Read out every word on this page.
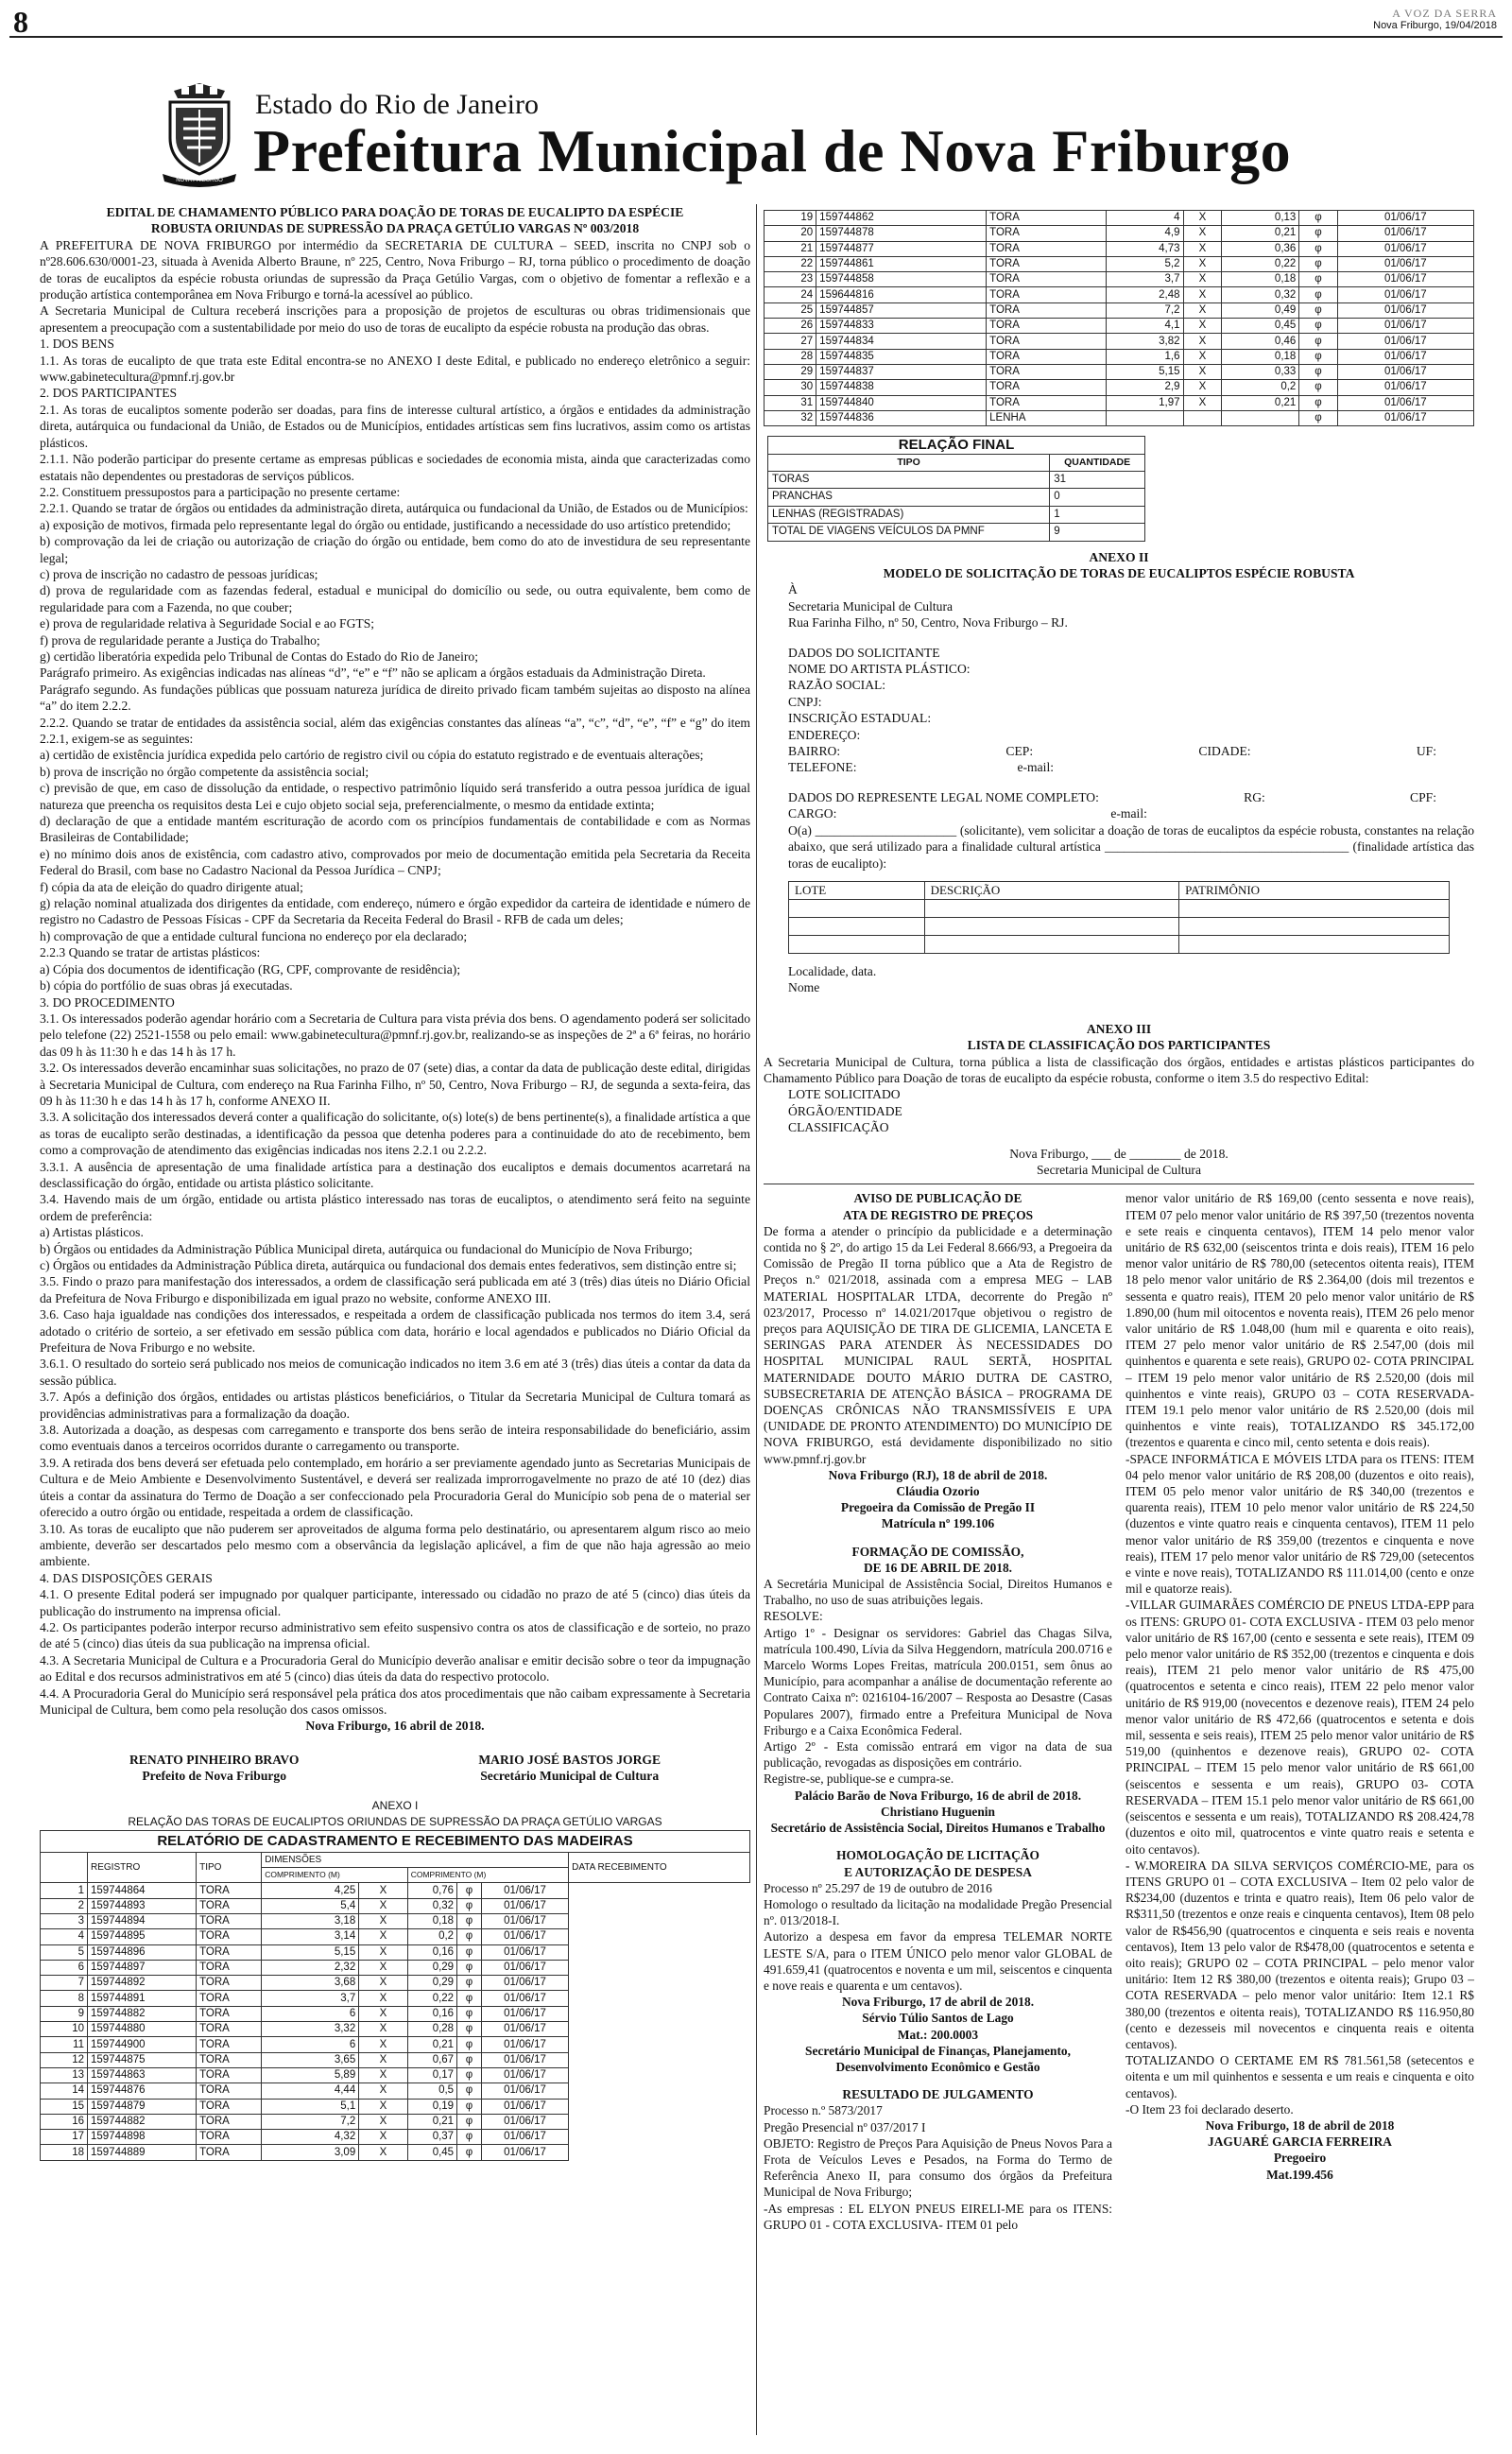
8	A VOZ DA SERRA
Nova Friburgo, 19/04/2018
NOVA FRIBURGO
Estado do Rio de Janeiro
Prefeitura Municipal de Nova Friburgo

EDITAL DE CHAMAMENTO PÚBLICO PARA DOAÇÃO DE TORAS DE EUCALIPTO DA ESPÉCIE

ROBUSTA ORIUNDAS DE SUPRESSÃO DA PRAÇA GETÚLIO VARGAS Nº 003/2018

A PREFEITURA DE NOVA FRIBURGO por intermédio da SECRETARIA DE CULTURA – SEED, inscrita no CNPJ sob o nº28.606.630/0001-23, situada à Avenida Alberto Braune, nº 225, Centro, Nova Friburgo – RJ, torna público o procedimento de doação de toras de eucaliptos da espécie robusta oriundas de supressão da Praça Getúlio Vargas, com o objetivo de fomentar a reflexão e a produção artística contemporânea em Nova Friburgo e torná-la acessível ao público.

A Secretaria Municipal de Cultura receberá inscrições para a proposição de projetos de esculturas ou obras tridimensionais que apresentem a preocupação com a sustentabilidade por meio do uso de toras de eucalipto da espécie robusta na produção das obras.

1. DOS BENS

1.1. As toras de eucalipto de que trata este Edital encontra-se no ANEXO I deste Edital, e publicado no endereço eletrônico a seguir: www.gabinetecultura@pmnf.rj.gov.br

2. DOS PARTICIPANTES

2.1. As toras de eucaliptos somente poderão ser doadas, para fins de interesse cultural artístico, a órgãos e entidades da administração direta, autárquica ou fundacional da União, de Estados ou de Municípios, entidades artísticas sem fins lucrativos, assim como os artistas plásticos.

2.1.1. Não poderão participar do presente certame as empresas públicas e sociedades de economia mista, ainda que caracterizadas como estatais não dependentes ou prestadoras de serviços públicos.

2.2. Constituem pressupostos para a participação no presente certame:

2.2.1. Quando se tratar de órgãos ou entidades da administração direta, autárquica ou fundacional da União, de Estados ou de Municípios:

a) exposição de motivos, firmada pelo representante legal do órgão ou entidade, justificando a necessidade do uso artístico pretendido;

b) comprovação da lei de criação ou autorização de criação do órgão ou entidade, bem como do ato de investidura de seu representante legal;

c) prova de inscrição no cadastro de pessoas jurídicas;

d) prova de regularidade com as fazendas federal, estadual e municipal do domicílio ou sede, ou outra equivalente, bem como de regularidade para com a Fazenda, no que couber;

e) prova de regularidade relativa à Seguridade Social e ao FGTS;

f) prova de regularidade perante a Justiça do Trabalho;

g) certidão liberatória expedida pelo Tribunal de Contas do Estado do Rio de Janeiro;

Parágrafo primeiro. As exigências indicadas nas alíneas “d”, “e” e “f” não se aplicam a órgãos estaduais da Administração Direta.

Parágrafo segundo. As fundações públicas que possuam natureza jurídica de direito privado ficam também sujeitas ao disposto na alínea “a” do item 2.2.2.

2.2.2. Quando se tratar de entidades da assistência social, além das exigências constantes das alíneas “a”, “c”, “d”, “e”, “f” e “g” do item 2.2.1, exigem-se as seguintes:

a) certidão de existência jurídica expedida pelo cartório de registro civil ou cópia do estatuto registrado e de eventuais alterações;

b) prova de inscrição no órgão competente da assistência social;

c) previsão de que, em caso de dissolução da entidade, o respectivo patrimônio líquido será transferido a outra pessoa jurídica de igual natureza que preencha os requisitos desta Lei e cujo objeto social seja, preferencialmente, o mesmo da entidade extinta;

d) declaração de que a entidade mantém escrituração de acordo com os princípios fundamentais de contabilidade e com as Normas Brasileiras de Contabilidade;

e) no mínimo dois anos de existência, com cadastro ativo, comprovados por meio de documentação emitida pela Secretaria da Receita Federal do Brasil, com base no Cadastro Nacional da Pessoa Jurídica – CNPJ;

f) cópia da ata de eleição do quadro dirigente atual;

g) relação nominal atualizada dos dirigentes da entidade, com endereço, número e órgão expedidor da carteira de identidade e número de registro no Cadastro de Pessoas Físicas - CPF da Secretaria da Receita Federal do Brasil - RFB de cada um deles;

h) comprovação de que a entidade cultural funciona no endereço por ela declarado;

2.2.3 Quando se tratar de artistas plásticos:

a) Cópia dos documentos de identificação (RG, CPF, comprovante de residência);

b) cópia do portfólio de suas obras já executadas.

3. DO PROCEDIMENTO

3.1. Os interessados poderão agendar horário com a Secretaria de Cultura para vista prévia dos bens. O agendamento poderá ser solicitado pelo telefone (22) 2521-1558 ou pelo email: www.gabinetecultura@pmnf.rj.gov.br, realizando-se as inspeções de 2ª a 6ª feiras, no horário das 09 h às 11:30 h e das 14 h às 17 h.

3.2. Os interessados deverão encaminhar suas solicitações, no prazo de 07 (sete) dias, a contar da data de publicação deste edital, dirigidas à Secretaria Municipal de Cultura, com endereço na Rua Farinha Filho, nº 50, Centro, Nova Friburgo – RJ, de segunda a sexta-feira, das 09 h às 11:30 h e das 14 h às 17 h, conforme ANEXO II.

3.3. A solicitação dos interessados deverá conter a qualificação do solicitante, o(s) lote(s) de bens pertinente(s), a finalidade artística a que as toras de eucalipto serão destinadas, a identificação da pessoa que detenha poderes para a continuidade do ato de recebimento, bem como a comprovação de atendimento das exigências indicadas nos itens 2.2.1 ou 2.2.2.

3.3.1. A ausência de apresentação de uma finalidade artística para a destinação dos eucaliptos e demais documentos acarretará na desclassificação do órgão, entidade ou artista plástico solicitante.

3.4. Havendo mais de um órgão, entidade ou artista plástico interessado nas toras de eucaliptos, o atendimento será feito na seguinte ordem de preferência:

a) Artistas plásticos.

b) Órgãos ou entidades da Administração Pública Municipal direta, autárquica ou fundacional do Município de Nova Friburgo;

c) Órgãos ou entidades da Administração Pública direta, autárquica ou fundacional dos demais entes federativos, sem distinção entre si;

3.5. Findo o prazo para manifestação dos interessados, a ordem de classificação será publicada em até 3 (três) dias úteis no Diário Oficial da Prefeitura de Nova Friburgo e disponibilizada em igual prazo no website, conforme ANEXO III.

3.6. Caso haja igualdade nas condições dos interessados, e respeitada a ordem de classificação publicada nos termos do item 3.4, será adotado o critério de sorteio, a ser efetivado em sessão pública com data, horário e local agendados e publicados no Diário Oficial da Prefeitura de Nova Friburgo e no website.

3.6.1. O resultado do sorteio será publicado nos meios de comunicação indicados no item 3.6 em até 3 (três) dias úteis a contar da data da sessão pública.

3.7. Após a definição dos órgãos, entidades ou artistas plásticos beneficiários, o Titular da Secretaria Municipal de Cultura tomará as providências administrativas para a formalização da doação.

3.8. Autorizada a doação, as despesas com carregamento e transporte dos bens serão de inteira responsabilidade do beneficiário, assim como eventuais danos a terceiros ocorridos durante o carregamento ou transporte.

3.9. A retirada dos bens deverá ser efetuada pelo contemplado, em horário a ser previamente agendado junto as Secretarias Municipais de Cultura e de Meio Ambiente e Desenvolvimento Sustentável, e deverá ser realizada improrrogavelmente no prazo de até 10 (dez) dias úteis a contar da assinatura do Termo de Doação a ser confeccionado pela Procuradoria Geral do Município sob pena de o material ser oferecido a outro órgão ou entidade, respeitada a ordem de classificação.

3.10. As toras de eucalipto que não puderem ser aproveitados de alguma forma pelo destinatário, ou apresentarem algum risco ao meio ambiente, deverão ser descartados pelo mesmo com a observância da legislação aplicável, a fim de que não haja agressão ao meio ambiente.

4. DAS DISPOSIÇÕES GERAIS

4.1. O presente Edital poderá ser impugnado por qualquer participante, interessado ou cidadão no prazo de até 5 (cinco) dias úteis da publicação do instrumento na imprensa oficial.

4.2. Os participantes poderão interpor recurso administrativo sem efeito suspensivo contra os atos de classificação e de sorteio, no prazo de até 5 (cinco) dias úteis da sua publicação na imprensa oficial.

4.3. A Secretaria Municipal de Cultura e a Procuradoria Geral do Município deverão analisar e emitir decisão sobre o teor da impugnação ao Edital e dos recursos administrativos em até 5 (cinco) dias úteis da data do respectivo protocolo.

4.4. A Procuradoria Geral do Município será responsável pela prática dos atos procedimentais que não caibam expressamente à Secretaria Municipal de Cultura, bem como pela resolução dos casos omissos.

Nova Friburgo, 16 abril de 2018.

RENATO PINHEIRO BRAVO
Prefeito de Nova Friburgo
MARIO JOSÉ BASTOS JORGE
Secretário Municipal de Cultura

ANEXO I

RELAÇÃO DAS TORAS DE EUCALIPTOS ORIUNDAS DE SUPRESSÃO DA PRAÇA GETÚLIO VARGAS

RELATÓRIO DE CADASTRAMENTO E RECEBIMENTO DAS MADEIRAS
	REGISTRO	TIPO	DIMENSÕES					DATA RECEBIMENTO
			COMPRIMENTO (M)		COMPRIMENTO (M)			
1	159744864	TORA	4,25	X	0,76	φ	01/06/17	
2	159744893	TORA	5,4	X	0,32	φ	01/06/17	
3	159744894	TORA	3,18	X	0,18	φ	01/06/17	
4	159744895	TORA	3,14	X	0,2	φ	01/06/17	
5	159744896	TORA	5,15	X	0,16	φ	01/06/17	
6	159744897	TORA	2,32	X	0,29	φ	01/06/17	
7	159744892	TORA	3,68	X	0,29	φ	01/06/17	
8	159744891	TORA	3,7	X	0,22	φ	01/06/17	
9	159744882	TORA	6	X	0,16	φ	01/06/17	
10	159744880	TORA	3,32	X	0,28	φ	01/06/17	
11	159744900	TORA	6	X	0,21	φ	01/06/17	
12	159744875	TORA	3,65	X	0,67	φ	01/06/17	
13	159744863	TORA	5,89	X	0,17	φ	01/06/17	
14	159744876	TORA	4,44	X	0,5	φ	01/06/17	
15	159744879	TORA	5,1	X	0,19	φ	01/06/17	
16	159744882	TORA	7,2	X	0,21	φ	01/06/17	
17	159744898	TORA	4,32	X	0,37	φ	01/06/17	
18	159744889	TORA	3,09	X	0,45	φ	01/06/17	
19	159744862	TORA	4	X	0,13	φ	01/06/17
20	159744878	TORA	4,9	X	0,21	φ	01/06/17
21	159744877	TORA	4,73	X	0,36	φ	01/06/17
22	159744861	TORA	5,2	X	0,22	φ	01/06/17
23	159744858	TORA	3,7	X	0,18	φ	01/06/17
24	159644816	TORA	2,48	X	0,32	φ	01/06/17
25	159744857	TORA	7,2	X	0,49	φ	01/06/17
26	159744833	TORA	4,1	X	0,45	φ	01/06/17
27	159744834	TORA	3,82	X	0,46	φ	01/06/17
28	159744835	TORA	1,6	X	0,18	φ	01/06/17
29	159744837	TORA	5,15	X	0,33	φ	01/06/17
30	159744838	TORA	2,9	X	0,2	φ	01/06/17
31	159744840	TORA	1,97	X	0,21	φ	01/06/17
32	159744836	LENHA				φ	01/06/17
RELAÇÃO FINAL	
TIPO	QUANTIDADE
TORAS	31
PRANCHAS	0
LENHAS (REGISTRADAS)	1
TOTAL DE VIAGENS VEÍCULOS DA PMNF	9

ANEXO II

MODELO DE SOLICITAÇÃO DE TORAS DE EUCALIPTOS ESPÉCIE ROBUSTA

À

Secretaria Municipal de Cultura

Rua Farinha Filho, nº 50, Centro, Nova Friburgo – RJ.

DADOS DO SOLICITANTE

NOME DO ARTISTA PLÁSTICO:

RAZÃO SOCIAL:

CNPJ:

INSCRIÇÃO ESTADUAL:

ENDEREÇO:

BAIRRO:	CEP:	CIDADE:	UF:
TELEFONE:	e-mail:
DADOS DO REPRESENTE LEGAL NOME COMPLETO:	RG:	CPF:
CARGO:	e-mail:

O(a) ______________________ (solicitante), vem solicitar a doação de toras de eucaliptos da espécie robusta, constantes na relação abaixo, que será utilizado para a finalidade cultural artística ______________________________________ (finalidade artística das toras de eucalipto):

LOTE	DESCRIÇÃO	PATRIMÔNIO

Localidade, data.

Nome

ANEXO III

LISTA DE CLASSIFICAÇÃO DOS PARTICIPANTES

A Secretaria Municipal de Cultura, torna pública a lista de classificação dos órgãos, entidades e artistas plásticos participantes do Chamamento Público para Doação de toras de eucalipto da espécie robusta, conforme o item 3.5 do respectivo Edital:

LOTE SOLICITADO

ÓRGÃO/ENTIDADE

CLASSIFICAÇÃO

Nova Friburgo, ___ de ________ de 2018.

Secretaria Municipal de Cultura

AVISO DE PUBLICAÇÃO DE

ATA DE REGISTRO DE PREÇOS

De forma a atender o princípio da publicidade e a determinação contida no § 2º, do artigo 15 da Lei Federal 8.666/93, a Pregoeira da Comissão de Pregão II torna público que a Ata de Registro de Preços n.º 021/2018, assinada com a empresa MEG – LAB MATERIAL HOSPITALAR LTDA, decorrente do Pregão nº 023/2017, Processo nº 14.021/2017que objetivou o registro de preços para AQUISIÇÃO DE TIRA DE GLICEMIA, LANCETA E SERINGAS PARA ATENDER ÀS NECESSIDADES DO HOSPITAL MUNICIPAL RAUL SERTÃ, HOSPITAL MATERNIDADE DOUTO MÁRIO DUTRA DE CASTRO, SUBSECRETARIA DE ATENÇÃO BÁSICA – PROGRAMA DE DOENÇAS CRÔNICAS NÃO TRANSMISSÍVEIS E UPA (UNIDADE DE PRONTO ATENDIMENTO) DO MUNICÍPIO DE NOVA FRIBURGO, está devidamente disponibilizado no sitio www.pmnf.rj.gov.br

Nova Friburgo (RJ), 18 de abril de 2018.

Cláudia Ozorio

Pregoeira da Comissão de Pregão II

Matrícula nº 199.106

FORMAÇÃO DE COMISSÃO,

DE 16 DE ABRIL DE 2018.

A Secretária Municipal de Assistência Social, Direitos Humanos e Trabalho, no uso de suas atribuições legais.

RESOLVE:

Artigo 1º - Designar os servidores: Gabriel das Chagas Silva, matrícula 100.490, Lívia da Silva Heggendorn, matrícula 200.0716 e Marcelo Worms Lopes Freitas, matrícula 200.0151, sem ônus ao Município, para acompanhar a análise de documentação referente ao Contrato Caixa nº: 0216104-16/2007 – Resposta ao Desastre (Casas Populares 2007), firmado entre a Prefeitura Municipal de Nova Friburgo e a Caixa Econômica Federal.

Artigo 2º - Esta comissão entrará em vigor na data de sua publicação, revogadas as disposições em contrário.

Registre-se, publique-se e cumpra-se.

Palácio Barão de Nova Friburgo, 16 de abril de 2018.

Christiano Huguenin

Secretário de Assistência Social, Direitos Humanos e Trabalho

HOMOLOGAÇÃO DE LICITAÇÃO

E AUTORIZAÇÃO DE DESPESA

Processo nº 25.297 de 19 de outubro de 2016

Homologo o resultado da licitação na modalidade Pregão Presencial nº. 013/2018-I.

Autorizo a despesa em favor da empresa TELEMAR NORTE LESTE S/A, para o ITEM ÚNICO pelo menor valor GLOBAL de 491.659,41 (quatrocentos e noventa e um mil, seiscentos e cinquenta e nove reais e quarenta e um centavos).

Nova Friburgo, 17 de abril de 2018.

Sérvio Túlio Santos de Lago

Mat.: 200.0003

Secretário Municipal de Finanças, Planejamento, Desenvolvimento Econômico e Gestão

RESULTADO DE JULGAMENTO

Processo n.º 5873/2017

Pregão Presencial nº 037/2017 I

OBJETO: Registro de Preços Para Aquisição de Pneus Novos Para a Frota de Veículos Leves e Pesados, na Forma do Termo de Referência Anexo II, para consumo dos órgãos da Prefeitura Municipal de Nova Friburgo;

-As empresas : EL ELYON PNEUS EIRELI-ME para os ITENS: GRUPO 01 - COTA EXCLUSIVA- ITEM 01 pelo

menor valor unitário de R$ 169,00 (cento sessenta e nove reais), ITEM 07 pelo menor valor unitário de R$ 397,50 (trezentos noventa e sete reais e cinquenta centavos), ITEM 14 pelo menor valor unitário de R$ 632,00 (seiscentos trinta e dois reais), ITEM 16 pelo menor valor unitário de R$ 780,00 (setecentos oitenta reais), ITEM 18 pelo menor valor unitário de R$ 2.364,00 (dois mil trezentos e sessenta e quatro reais), ITEM 20 pelo menor valor unitário de R$ 1.890,00 (hum mil oitocentos e noventa reais), ITEM 26 pelo menor valor unitário de R$ 1.048,00 (hum mil e quarenta e oito reais), ITEM 27 pelo menor valor unitário de R$ 2.547,00 (dois mil quinhentos e quarenta e sete reais), GRUPO 02- COTA PRINCIPAL – ITEM 19 pelo menor valor unitário de R$ 2.520,00 (dois mil quinhentos e vinte reais), GRUPO 03 – COTA RESERVADA- ITEM 19.1 pelo menor valor unitário de R$ 2.520,00 (dois mil quinhentos e vinte reais), TOTALIZANDO R$ 345.172,00 (trezentos e quarenta e cinco mil, cento setenta e dois reais).

-SPACE INFORMÁTICA E MÓVEIS LTDA para os ITENS: ITEM 04 pelo menor valor unitário de R$ 208,00 (duzentos e oito reais), ITEM 05 pelo menor valor unitário de R$ 340,00 (trezentos e quarenta reais), ITEM 10 pelo menor valor unitário de R$ 224,50 (duzentos e vinte quatro reais e cinquenta centavos), ITEM 11 pelo menor valor unitário de R$ 359,00 (trezentos e cinquenta e nove reais), ITEM 17 pelo menor valor unitário de R$ 729,00 (setecentos e vinte e nove reais), TOTALIZANDO R$ 111.014,00 (cento e onze mil e quatorze reais).

-VILLAR GUIMARÃES COMÉRCIO DE PNEUS LTDA-EPP para os ITENS: GRUPO 01- COTA EXCLUSIVA - ITEM 03 pelo menor valor unitário de R$ 167,00 (cento e sessenta e sete reais), ITEM 09 pelo menor valor unitário de R$ 352,00 (trezentos e cinquenta e dois reais), ITEM 21 pelo menor valor unitário de R$ 475,00 (quatrocentos e setenta e cinco reais), ITEM 22 pelo menor valor unitário de R$ 919,00 (novecentos e dezenove reais), ITEM 24 pelo menor valor unitário de R$ 472,66 (quatrocentos e setenta e dois mil, sessenta e seis reais), ITEM 25 pelo menor valor unitário de R$ 519,00 (quinhentos e dezenove reais), GRUPO 02- COTA PRINCIPAL – ITEM 15 pelo menor valor unitário de R$ 661,00 (seiscentos e sessenta e um reais), GRUPO 03- COTA RESERVADA – ITEM 15.1 pelo menor valor unitário de R$ 661,00 (seiscentos e sessenta e um reais), TOTALIZANDO R$ 208.424,78 (duzentos e oito mil, quatrocentos e vinte quatro reais e setenta e oito centavos).

- W.MOREIRA DA SILVA SERVIÇOS COMÉRCIO-ME, para os ITENS GRUPO 01 – COTA EXCLUSIVA – Item 02 pelo valor de R$234,00 (duzentos e trinta e quatro reais), Item 06 pelo valor de R$311,50 (trezentos e onze reais e cinquenta centavos), Item 08 pelo valor de R$456,90 (quatrocentos e cinquenta e seis reais e noventa centavos), Item 13 pelo valor de R$478,00 (quatrocentos e setenta e oito reais); GRUPO 02 – COTA PRINCIPAL – pelo menor valor unitário: Item 12 R$ 380,00 (trezentos e oitenta reais); Grupo 03 – COTA RESERVADA – pelo menor valor unitário: Item 12.1 R$ 380,00 (trezentos e oitenta reais), TOTALIZANDO R$ 116.950,80 (cento e dezesseis mil novecentos e cinquenta reais e oitenta centavos).

TOTALIZANDO O CERTAME EM R$ 781.561,58 (setecentos e oitenta e um mil quinhentos e sessenta e um reais e cinquenta e oito centavos).

-O Item 23 foi declarado deserto.

Nova Friburgo, 18 de abril de 2018

JAGUARÉ GARCIA FERREIRA

Pregoeiro

Mat.199.456
